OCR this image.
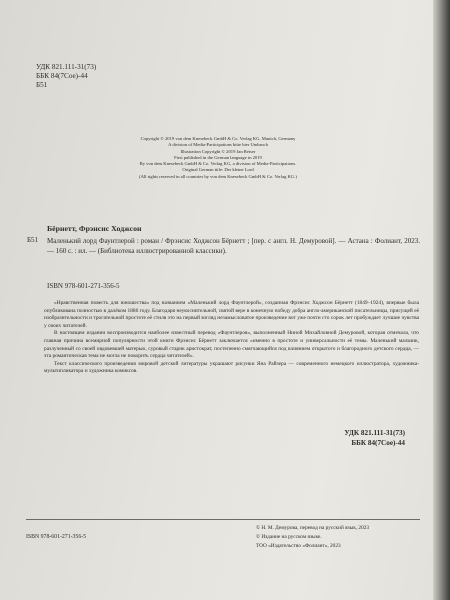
УДК 821.111-31(73)
ББК 84(7Сое)-44
Б51
Copyright © 2019 von dem Knesebeck GmbH & Co. Verlag KG, Munich, Germany
A division of Media-Participations bitte hier Umbruch
Illustration Copyright © 2019 Jan Reiser
First published in the German language in 2019
By von dem Knesebeck GmbH & Co. Verlag KG, a division of Media-Participations.
Original German title: Der kleine Lord
(All rights reserved in all countries by von dem Knesebeck GmbH & Co. Verlag KG.)
Бёрнетт, Фрэнсис Ходжсон
Б51 Маленький лорд Фаунтлерой : роман / Фрэнсис Ходжсон Бёрнетт ; [пер. с англ. Н. Демуровой]. — Астана : Фолиант, 2023. — 160 с. : ил. — (Библиотека иллюстрированной классики).
ISBN 978-601-271-356-5

«Нравственная повесть для юношества» под названием «Маленький лорд Фаунтлерой», созданная Фрэнсис Ходжсон Бёрнетт (1849–1924), впервые была опубликована полностью в далёком 1886 году. Благодаря неукоснительной, святой вере в конечную победу добра англо-американской писательницы, присущей её изобразительности и трогательной простоте её стиля это на первый взгляд незамысловатое произведение вот уже почти сто сорок лет пробуждает лучшие чувства у своих читателей.

В настоящем издании воспроизводится наиболее известный перевод «Фаунтлероя», выполненный Ниной Михайловной Демуровой, которая отмечала, что главная причина всемирной популярности этой книги Фрэнсис Бёрнетт заключается «именно в простоте и универсальности её темы. Маленький мальчик, разлученный со своей овдовевшей матерью, суровый старик аристократ, постепенно смягчающийся под влиянием открытого и благородного детского сердца, — эта романтическая тема не могла не покорить сердца читателей».

Текст классического произведения мировой детской литературы украшают рисунки Яна Райзера — современного немецкого иллюстратора, художника-мультипликатора и художника комиксов.

УДК 821.111-31(73)
ББК 84(7Сое)-44
ISBN 978-601-271-356-5
© Н. М. Демурова, перевод на русский язык, 2023
© Издание на русском языке.
ТОО «Издательство «Фолиант», 2023
